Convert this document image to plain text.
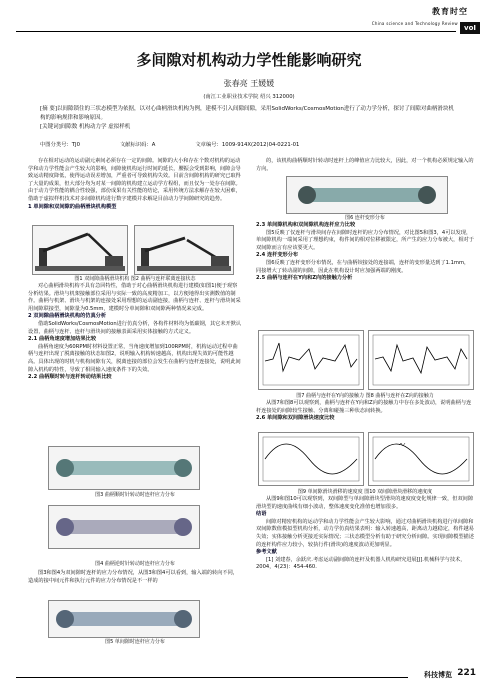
教育时空
China science and Technology Review
voI
多间隙对机构动力学性能影响研究
张春亮 王媛媛
(南江工业职业技术学院 绍兴 312000)

[摘 要]以间隙锁住的三状态模型为依据，以对心曲柄滑块机构为例，建模不引入间隙间隙，采用SolidWorks/CosmosMotion进行了动力学分析，探讨了间隙对曲柄滑块机构的影响规律和影响原因。

[关键词]间隙数 机构动力学 虚拟样机

中图分类号：TJ0	文献标识码：A	文章编号：1009-914X(2012)04-0221-01

存在相对运动的运动副元素间必须存在一定的间隙。间隙的大小和存在个数对机构的运动学和动力学性能会产生较大的影响，间隙使机构运行时间的延长，腰振会受到影响，间隙会导致运动精度降低，使得运动误差增加，严重者可导致机构失效。目前含间隙机构的研究已取得了大量的成果，但大部分均为对某一间隙的机构建立运动学方程组，而且仅为一处存在间隙。由于动力学性能的耦合性较强，部份成果有关性能的结论，采用传统方法求解存在较大困难，借助于虚拟样机技术对多间隙机构进行数字建模并求解是目前动力学间隙研究的趋势。

1 单间隙和双间隙的曲柄滑块机构模型

图1 双间隙曲柄滑块机构 图2 曲柄与连杆联离连接状态

对心曲柄滑块机构不具有急回特性，借助于对心曲柄滑块机构进行建模(如图1)便于观察分析结果。滑块与机架接触部位采用与实际一致的高度精加工，以方便地得出实测数值的制作。曲柄与机架、滑块与机架的连接处采用理想的运动副连接，曲柄与连杆、连杆与滑块间采用间隙联接型，间隙量为0.5mm，建模时分单间隙和双间隙两种情况来完成。

2 双间隙曲柄滑块机构的仿真分析

借助SolidWorks/CosmosMotion进行仿真分析，各构件材料均为低碳钢，其它未开默认设置，曲柄与连杆、连杆与滑块间的接触表面采用实体接触的方式定义。

2.1 曲柄角速度增加结果比较

曲柄角速度为60RPM时材料设置正常，当角速度增加到100RPM时，机构运动过程中曲柄与连杆出现了脱离接触的状态如图2，说明输入机构转速越高，机构出现失效的可能性越高。具体出现的时机与机构间隙有关，脱离连接的部位会发生在曲柄与连杆连接处，说明此间隙入机构的特性，导致了相同输入速度条件下的失效。

2.2 曲柄顺时转与连杆转动结果比较

图3 曲柄顺时针转动时连杆应力分布
图4 曲柄逆时针转动时连杆应力分布

图3和图4为双间隙时连杆的应力分布情况，从图3和图4可以看到，输入端的转向不同，造成的接中间元件和执行元件的应力分布情况是不一样的

图5 单间隙时连杆应力分布

的，该机构曲柄顺时针转动时连杆上的峰值应力比较大，因此，对一个机构必须规定输入的方向。

图6 连杆变形分布

2.3 单间隙机构和双间隙机构连杆应力比较

图5反映了仅连杆与滑块间存在间隙时连杆的应力分布情况，对比图5和图3，4可以发现，单间隙机构一端间采用了理想约束，构件间的相对位移被限定，所产生的应力分布被大，相对于双间隙而言有应该要更大。

2.4 连杆变形分布

图6反映了连杆变形分布情况，在与曲柄铰接处的连接端，连杆的变形量达到了1.1mm，同接增大了转动副的间隙，因此在机构设计时应加强两端的刚度。

2.5 曲柄与连杆在Y向和Z向的接触力分析

图7 曲柄与连杆在Y向的接触力 图8 曲柄与连杆在Z向的接触力

从图7和图8可以观察到，曲柄与连杆在Y向和Z向的接触力中存在多处波动，说明曲柄与连杆连接处的间隙较生接触、分离和碰撞三种状态间转换。

2.6 单间隙和双间隙滑块速度比较

图9 单间隙滑块滑移的速度度 图10 双间隙滑块滑移的速度度

从图9和图10可以观察到，双间隙型与单间隙滑块型滑块的速度度变化规律一致，但双间隙滑块型的速度曲线有细小波动，整体速度变化准值也增加很多。

结语

间隙对精密机构的运动学和动力学性能会产生较大影响，通过对曲柄滑块机构进行单间隙和双间隙数值模拟型机构分析，动力学仿真结果表明：输入转速越高，距离动力越稳定，构件越易失效；实体接触分析更接近实际情况；三状态模型分析有助于研究分析间隙。实现间隙模型描述的连杆构件应力较小，较执行件(滑块)的速度波动更加明显。

参考文献

[1] 刘建春，余跃庆.考虑运动副间隙的连杆及机器人机构研究进展[J].机械科学与技术，2004，4(23)：454-460.

科技博览 221
